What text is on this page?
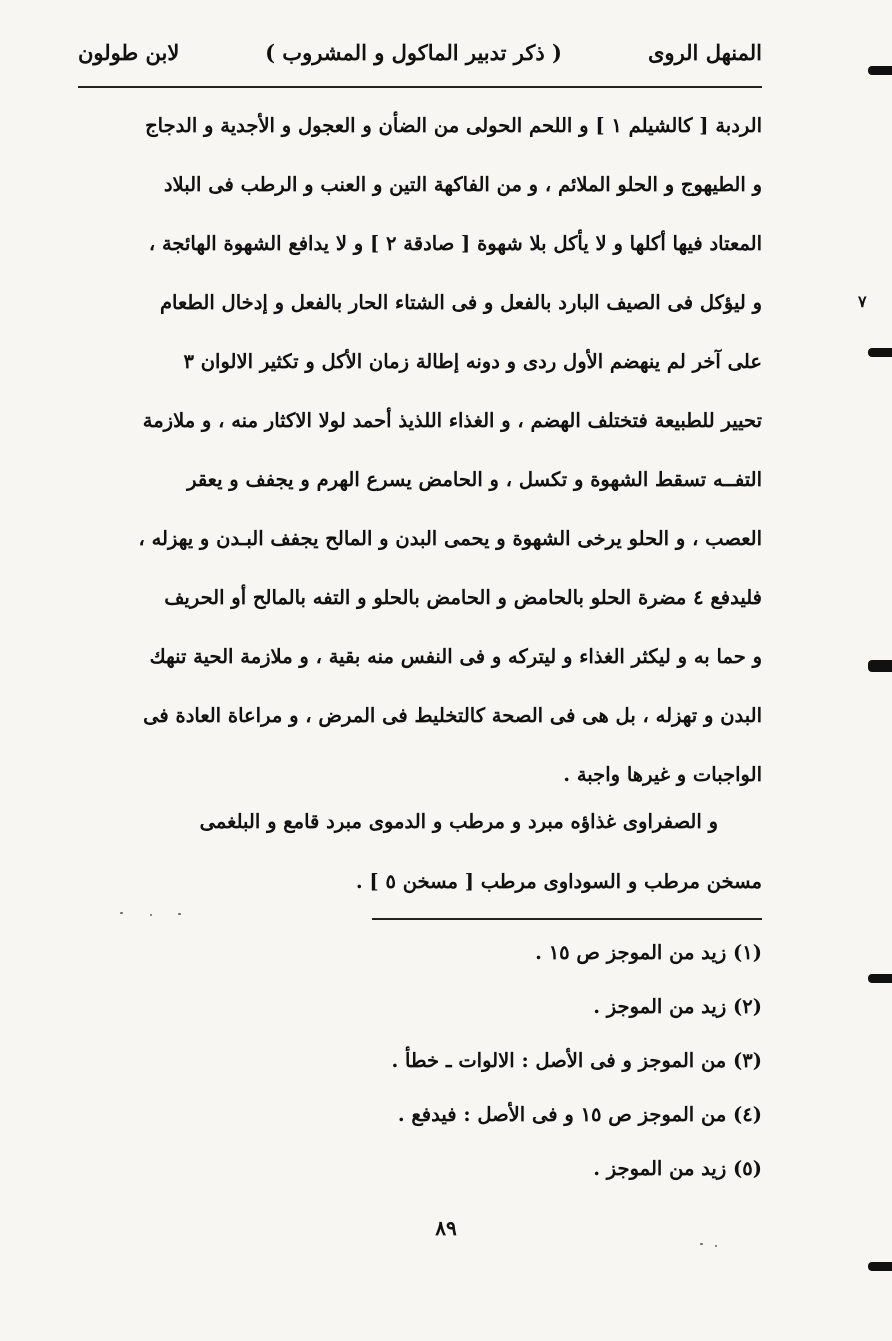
المنهل الروى
( ذكر تدبير الماكول و المشروب )
لابن طولون
الردبة [ كالشيلم ١ ] و اللحم الحولى من الضأن و العجول و الأجدية و الدجاج
و الطيهوج و الحلو الملائم ، و من الفاكهة التين و العنب و الرطب فى البلاد
المعتاد فيها أكلها و لا يأكل بلا شهوة [ صادقة ٢ ] و لا يدافع الشهوة الهائجة ،
و ليؤكل فى الصيف البارد بالفعل و فى الشتاء الحار بالفعل و إدخال الطعام
على آخر لم ينهضم الأول ردى و دونه إطالة زمان الأكل و تكثير الالوان ٣
تحيير للطبيعة فتختلف الهضم ، و الغذاء اللذيذ أحمد لولا الاكثار منه ، و ملازمة
التفــه تسقط الشهوة و تكسل ، و الحامض يسرع الهرم و يجفف و يعقر
العصب ، و الحلو يرخى الشهوة و يحمى البدن و المالح يجفف البـدن و يهزله ،
فليدفع ٤ مضرة الحلو بالحامض و الحامض بالحلو و التفه بالمالح أو الحريف
و حما به و ليكثر الغذاء و ليتركه و فى النفس منه بقية ، و ملازمة الحية تنهك
البدن و تهزله ، بل هى فى الصحة كالتخليط فى المرض ، و مراعاة العادة فى
الواجبات و غيرها واجبة .
و الصفراوى غذاؤه مبرد و مرطب و الدموى مبرد قامع و البلغمى
مسخن مرطب و السوداوى مرطب [ مسخن ٥ ] .
(١) زيد من الموجز ص ١٥ .
(٢) زيد من الموجز .
(٣) من الموجز و فى الأصل : الالوات ـ خطأ .
(٤) من الموجز ص ١٥ و فى الأصل : فيدفع .
(٥) زيد من الموجز .
٨٩
٧
